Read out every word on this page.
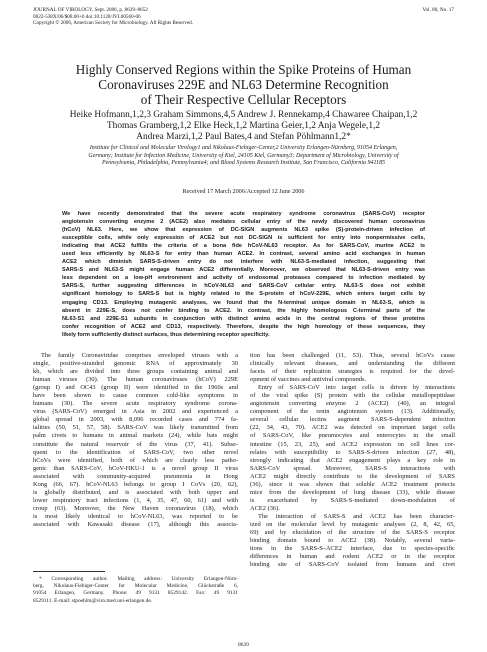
JOURNAL OF VIROLOGY, Sept. 2006, p. 8639–8652
0022-538X/06/$08.00+0 doi:10.1128/JVI.00560-06
Copyright © 2006, American Society for Microbiology. All Rights Reserved.
Vol. 80, No. 17
Highly Conserved Regions within the Spike Proteins of Human
Coronaviruses 229E and NL63 Determine Recognition
of Their Respective Cellular Receptors
Heike Hofmann,1,2,3 Graham Simmons,4,5 Andrew J. Rennekamp,4 Chawaree Chaipan,1,2
Thomas Gramberg,1,2 Elke Heck,1,2 Martina Geier,1,2 Anja Wegele,1,2
Andrea Marzi,1,2 Paul Bates,4 and Stefan Pöhlmann1,2*
Institute for Clinical and Molecular Virology1 and Nikolaus-Fiebiger-Center,2 University Erlangen-Nürnberg, 91054 Erlangen,
Germany; Institute for Infection Medicine, University of Kiel, 24105 Kiel, Germany3; Department of Microbiology, University of
Pennsylvania, Philadelphia, Pennsylvania4; and Blood Systems Research Institute, San Francisco, California 941185
Received 17 March 2006/Accepted 12 June 2006
We have recently demonstrated that the severe acute respiratory syndrome coronavirus (SARS-CoV) receptor
angiotensin converting enzyme 2 (ACE2) also mediates cellular entry of the newly discovered human coronavirus
(hCoV) NL63. Here, we show that expression of DC-SIGN augments NL63 spike (S)-protein-driven infection of
susceptible cells, while only expression of ACE2 but not DC-SIGN is sufficient for entry into nonpermissive cells,
indicating that ACE2 fulfills the criteria of a bona fide hCoV-NL63 receptor. As for SARS-CoV, murine ACE2 is
used less efficiently by NL63-S for entry than human ACE2. In contrast, several amino acid exchanges in human
ACE2 which diminish SARS-S-driven entry do not interfere with NL63-S-mediated infection, suggesting that
SARS-S and NL63-S might engage human ACE2 differentially. Moreover, we observed that NL63-S-driven entry was
less dependent on a low-pH environment and activity of endosomal proteases compared to infection mediated by
SARS-S, further suggesting differences in hCoV-NL63 and SARS-CoV cellular entry. NL63-S does not exhibit
significant homology to SARS-S but is highly related to the S-protein of hCoV-229E, which enters target cells by
engaging CD13. Employing mutagenic analyses, we found that the N-terminal unique domain in NL63-S, which is
absent in 229E-S, does not confer binding to ACE2. In contrast, the highly homologous C-terminal parts of the
NL63-S1 and 229E-S1 subunits in conjunction with distinct amino acids in the central regions of these proteins
confer recognition of ACE2 and CD13, respectively. Therefore, despite the high homology of these sequences, they
likely form sufficiently distinct surfaces, thus determining receptor specificity.
The family Coronaviridae comprises enveloped viruses with a
single, positive-stranded genomic RNA of approximately 30
kb, which are divided into three groups containing animal and
human viruses (30). The human coronaviruses (hCoV) 229E
(group I) and OC43 (group II) were identified in the 1960s and
have been shown to cause common cold-like symptoms in
humans (30). The severe acute respiratory syndrome corona-
virus (SARS-CoV) emerged in Asia in 2002 and experienced a
global spread in 2003, with 8,096 recorded cases and 774 fa-
talities (50, 51, 57, 58). SARS-CoV was likely transmitted from
palm civets to humans in animal markets (24), while bats might
constitute the natural reservoir of the virus (37, 41). Subse-
quent to the identification of SARS-CoV, two other novel
hCoVs were identified, both of which are clearly less patho-
genic than SARS-CoV. hCoV-HKU-1 is a novel group II virus
associated with community-acquired pneumonia in Hong
Kong (66, 67). hCoV-NL63 belongs to group I CoVs (20, 62),
is globally distributed, and is associated with both upper and
lower respiratory tract infections (1, 4, 35, 47, 60, 61) and with
croup (63). Moreover, the New Haven coronavirus (18), which
is most likely identical to hCoV-NL63, was reported to be
associated with Kawasaki disease (17), although this associa-
* Corresponding author. Mailing address: University Erlangen-Nürn-
berg, Nikolaus-Fiebiger-Center for Molecular Medicine, Glückstraße 6,
91054 Erlangen, Germany. Phone: 49 9131 8529142. Fax: 49 9131
8529111. E-mail: stpoehlm@viro.med.uni-erlangen.de.
tion has been challenged (11, 53). Thus, several hCoVs cause
clinically relevant diseases, and understanding the different
facets of their replication strategies is required for the devel-
opment of vaccines and antiviral compounds.
Entry of SARS-CoV into target cells is driven by interactions
of the viral spike (S) protein with the cellular metallopeptidase
angiotensin converting enzyme 2 (ACE2) (40), an integral
component of the renin angiotensin system (13). Additionally,
several cellular lectins augment SARS-S-dependent infection
(22, 34, 43, 70). ACE2 was detected on important target cells
of SARS-CoV, like pneumocytes and enterocytes in the small
intestine (15, 23, 25), and ACE2 expression on cell lines cor-
relates with susceptibility to SARS-S-driven infection (27, 48),
strongly indicating that ACE2 engagement plays a key role in
SARS-CoV spread. Moreover, SARS-S interactions with
ACE2 might directly contribute to the development of SARS
(36), since it was shown that soluble ACE2 treatment protects
mice from the development of lung disease (33), while disease
is exacerbated by SARS-S-mediated down-modulation of
ACE2 (36).
The interaction of SARS-S and ACE2 has been character-
ized on the molecular level by mutagenic analyses (2, 8, 42, 65,
69) and by elucidation of the structure of the SARS-S receptor
binding domain bound to ACE2 (38). Notably, several varia-
tions in the SARS-S–ACE2 interface, due to species-specific
differences in human and rodent ACE2 or in the receptor
binding site of SARS-CoV isolated from humans and civet
8639
